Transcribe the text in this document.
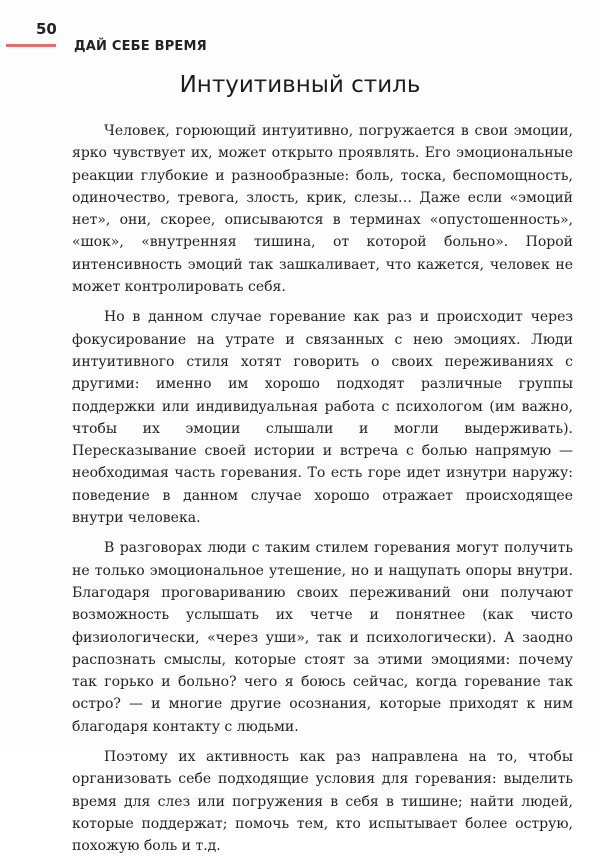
50
ДАЙ СЕБЕ ВРЕМЯ
Интуитивный стиль

Человек, горюющий интуитивно, погружается в свои эмоции, ярко чувствует их, может открыто проявлять. Его эмоциональные реакции глубокие и разнообразные: боль, тоска, беспомощность, одиночество, тревога, злость, крик, слезы… Даже если «эмоций нет», они, скорее, описываются в терминах «опустошенность», «шок», «внутренняя тишина, от которой больно». Порой интенсивность эмоций так зашкаливает, что кажется, человек не может контролировать себя.

Но в данном случае горевание как раз и происходит через фокусирование на утрате и связанных с нею эмоциях. Люди интуитивного стиля хотят говорить о своих переживаниях с другими: именно им хорошо подходят различные группы поддержки или индивидуальная работа с психологом (им важно, чтобы их эмоции слышали и могли выдерживать). Пересказывание своей истории и встреча с болью напрямую — необходимая часть горевания. То есть горе идет изнутри наружу: поведение в данном случае хорошо отражает происходящее внутри человека.

В разговорах люди с таким стилем горевания могут получить не только эмоциональное утешение, но и нащупать опоры внутри. Благодаря проговариванию своих переживаний они получают возможность услышать их четче и понятнее (как чисто физиологически, «через уши», так и психологически). А заодно распознать смыслы, которые стоят за этими эмоциями: почему так горько и больно? чего я боюсь сейчас, когда горевание так остро? — и многие другие осознания, которые приходят к ним благодаря контакту с людьми.

Поэтому их активность как раз направлена на то, чтобы организовать себе подходящие условия для горевания: выделить время для слез или погружения в себя в тишине; найти людей, которые поддержат; помочь тем, кто испытывает более острую, похожую боль и т.д.
